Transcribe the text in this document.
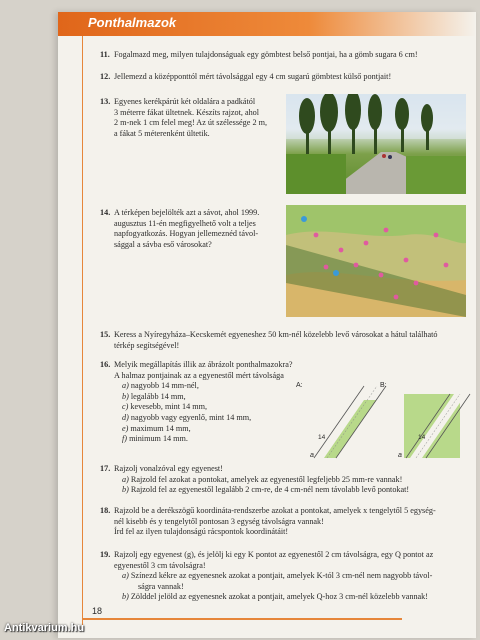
Ponthalmazok
11. Fogalmazd meg, milyen tulajdonságuak egy gömbtest belső pontjai, ha a gömb sugara 6 cm!
12. Jellemezd a középponttól mért távolsággal egy 4 cm sugarú gömbtest külső pontjait!
13. Egyenes kerékpárút két oldalára a padkától
3 méterre fákat ültetnek. Készíts rajzot, ahol
2 m-nek 1 cm felel meg! Az út szélessége 2 m,
a fákat 5 méterenként ültetik.
14. A térképen bejelölték azt a sávot, ahol 1999.
augusztus 11-én megfigyelhető volt a teljes
napfogyatkozás. Hogyan jellemeznéd távol-
sággal a sávba eső városokat?
15. Keress a Nyíregyháza–Kecskemét egyeneshez 50 km-nél közelebb levő városokat a hátul található
térkép segítségével!
16. Melyik megállapítás illik az ábrázolt ponthalmazokra?
A halmaz pontjainak az a egyenestől mért távolsága
a) nagyobb 14 mm-nél,
b) legalább 14 mm,
c) kevesebb, mint 14 mm,
d) nagyobb vagy egyenlő, mint 14 mm,
e) maximum 14 mm,
f) minimum 14 mm.
A:	B:
14	14
a	a
17. Rajzolj vonalzóval egy egyenest!
a) Rajzold fel azokat a pontokat, amelyek az egyenestől legfeljebb 25 mm-re vannak!
b) Rajzold fel az egyenestől legalább 2 cm-re, de 4 cm-nél nem távolabb levő pontokat!
18. Rajzold be a derékszögű koordináta-rendszerbe azokat a pontokat, amelyek x tengelytől 5 egység-
nél kisebb és y tengelytől pontosan 3 egység távolságra vannak!
Írd fel az ilyen tulajdonságú rácspontok koordinátáit!
19. Rajzolj egy egyenest (g), és jelölj ki egy K pontot az egyenestől 2 cm távolságra, egy Q pontot az
egyenestől 3 cm távolságra!
a) Színezd kékre az egyenesnek azokat a pontjait, amelyek K-tól 3 cm-nél nem nagyobb távol-
ságra vannak!
b) Zölddel jelöld az egyenesnek azokat a pontjait, amelyek Q-hoz 3 cm-nél közelebb vannak!
18
Antikvarium.hu
